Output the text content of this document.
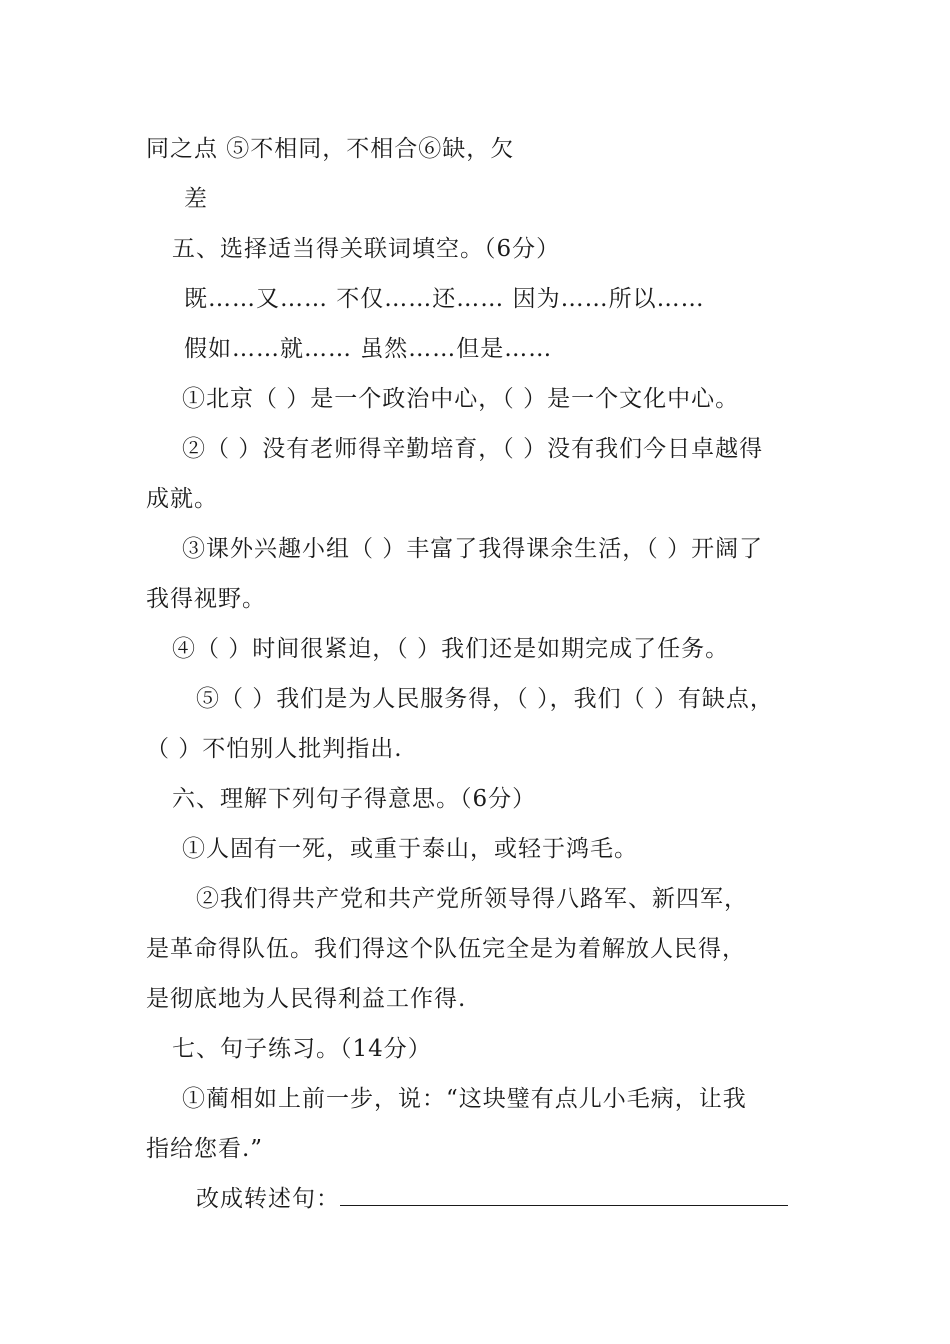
同之点 ⑤不相同，不相合⑥缺，欠
差
五、选择适当得关联词填空。（6分）
既……又…… 不仅……还…… 因为……所以……
假如……就…… 虽然……但是……
①北京（ ）是一个政治中心，（ ）是一个文化中心。
②（ ）没有老师得辛勤培育，（ ）没有我们今日卓越得
成就。
③课外兴趣小组（ ）丰富了我得课余生活，（ ）开阔了
我得视野。
④（ ）时间很紧迫，（ ）我们还是如期完成了任务。
⑤（ ）我们是为人民服务得，（ ），我们（ ）有缺点，
（ ）不怕别人批判指出.
六、理解下列句子得意思。（6分）
①人固有一死，或重于泰山，或轻于鸿毛。
②我们得共产党和共产党所领导得八路军、新四军，
是革命得队伍。我们得这个队伍完全是为着解放人民得，
是彻底地为人民得利益工作得.
七、句子练习。（14分）
①蔺相如上前一步，说：“这块璧有点儿小毛病，让我
指给您看.”
改成转述句：
